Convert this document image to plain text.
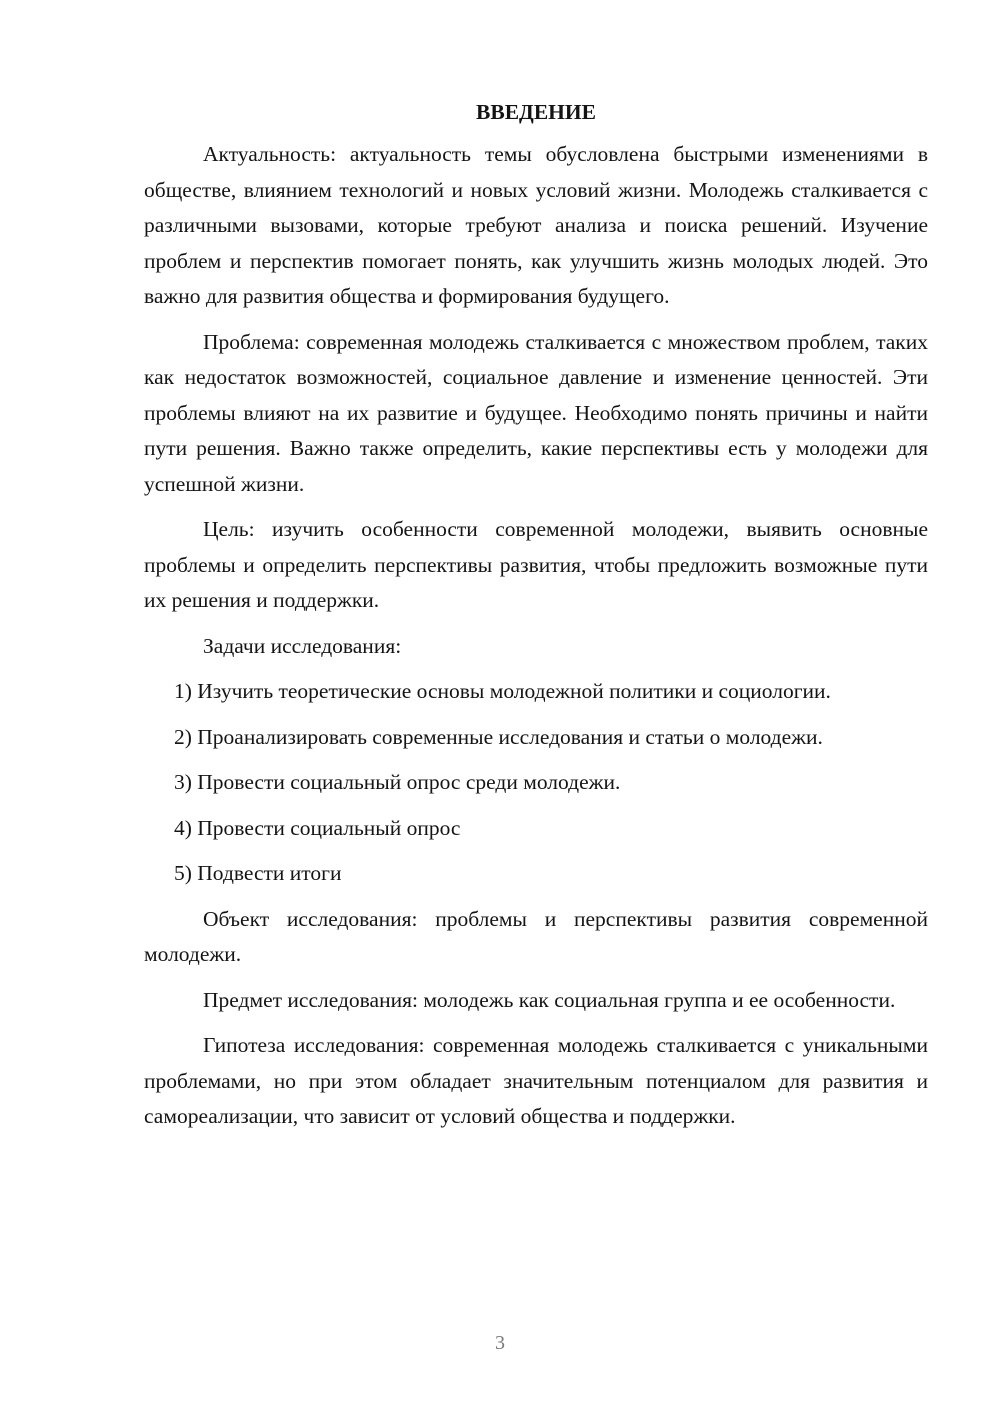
ВВЕДЕНИЕ

Актуальность: актуальность темы обусловлена быстрыми изменениями в обществе, влиянием технологий и новых условий жизни. Молодежь сталкивается с различными вызовами, которые требуют анализа и поиска решений. Изучение проблем и перспектив помогает понять, как улучшить жизнь молодых людей. Это важно для развития общества и формирования будущего.

Проблема: современная молодежь сталкивается с множеством проблем, таких как недостаток возможностей, социальное давление и изменение ценностей. Эти проблемы влияют на их развитие и будущее. Необходимо понять причины и найти пути решения. Важно также определить, какие перспективы есть у молодежи для успешной жизни.

Цель: изучить особенности современной молодежи, выявить основные проблемы и определить перспективы развития, чтобы предложить возможные пути их решения и поддержки.

Задачи исследования:

1) Изучить теоретические основы молодежной политики и социологии.

2) Проанализировать современные исследования и статьи о молодежи.

3) Провести социальный опрос среди молодежи.

4) Провести социальный опрос

5) Подвести итоги

Объект исследования: проблемы и перспективы развития современной молодежи.

Предмет исследования: молодежь как социальная группа и ее особенности.

Гипотеза исследования: современная молодежь сталкивается с уникальными проблемами, но при этом обладает значительным потенциалом для развития и самореализации, что зависит от условий общества и поддержки.

3
